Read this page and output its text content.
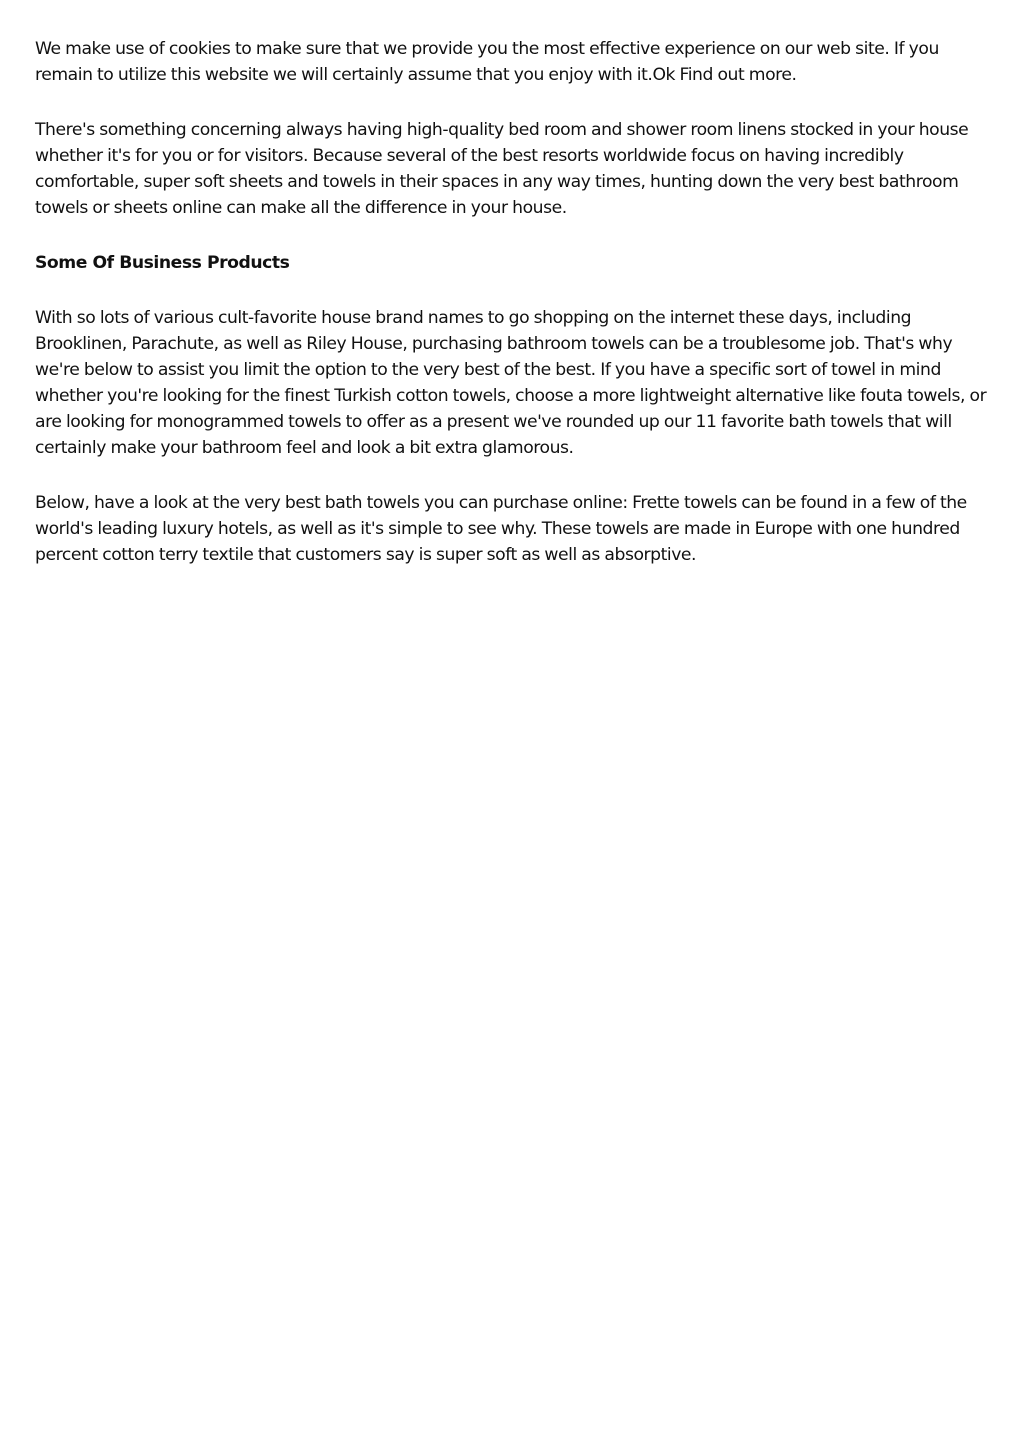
We make use of cookies to make sure that we provide you the most effective experience on our web site. If you remain to utilize this website we will certainly assume that you enjoy with it.Ok Find out more.

There's something concerning always having high-quality bed room and shower room linens stocked in your house whether it's for you or for visitors. Because several of the best resorts worldwide focus on having incredibly comfortable, super soft sheets and towels in their spaces in any way times, hunting down the very best bathroom towels or sheets online can make all the difference in your house.

Some Of Business Products

With so lots of various cult-favorite house brand names to go shopping on the internet these days, including Brooklinen, Parachute, as well as Riley House, purchasing bathroom towels can be a troublesome job. That's why we're below to assist you limit the option to the very best of the best. If you have a specific sort of towel in mind whether you're looking for the finest Turkish cotton towels, choose a more lightweight alternative like fouta towels, or are looking for monogrammed towels to offer as a present we've rounded up our 11 favorite bath towels that will certainly make your bathroom feel and look a bit extra glamorous.

Below, have a look at the very best bath towels you can purchase online: Frette towels can be found in a few of the world's leading luxury hotels, as well as it's simple to see why. These towels are made in Europe with one hundred percent cotton terry textile that customers say is super soft as well as absorptive.
